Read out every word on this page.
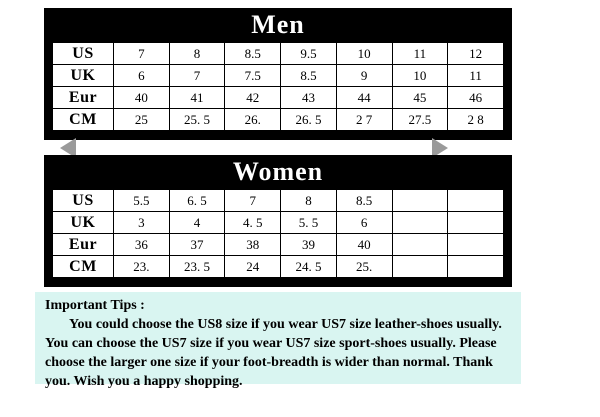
Men
US	7	8	8.5	9.5	10	11	12
UK	6	7	7.5	8.5	9	10	11
Eur	40	41	42	43	44	45	46
CM	25	25. 5	26.	26. 5	2 7	27.5	2 8
Women
US	5.5	6. 5	7	8	8.5		
UK	3	4	4. 5	5. 5	6		
Eur	36	37	38	39	40		
CM	23.	23. 5	24	24. 5	25.		
Important Tips :
You could choose the US8 size if you wear US7 size leather-shoes usually. You can choose the US7 size if you wear US7 size sport-shoes usually. Please choose the larger one size if your foot-breadth is wider than normal. Thank you. Wish you a happy shopping.
